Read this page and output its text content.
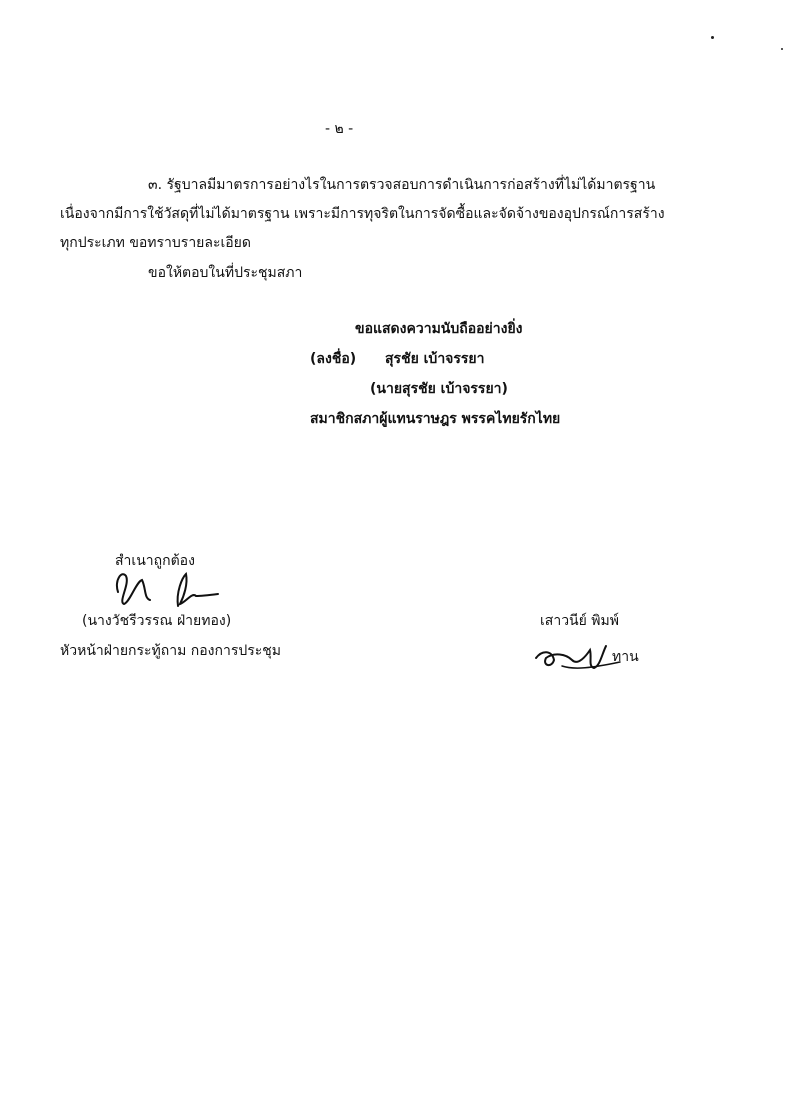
- ๒ -
๓. รัฐบาลมีมาตรการอย่างไรในการตรวจสอบการดำเนินการก่อสร้างที่ไม่ได้มาตรฐาน
เนื่องจากมีการใช้วัสดุที่ไม่ได้มาตรฐาน เพราะมีการทุจริตในการจัดซื้อและจัดจ้างของอุปกรณ์การสร้าง
ทุกประเภท ขอทราบรายละเอียด
ขอให้ตอบในที่ประชุมสภา
ขอแสดงความนับถืออย่างยิ่ง
(ลงชื่อ) สุรชัย เบ้าจรรยา
(นายสุรชัย เบ้าจรรยา)
สมาชิกสภาผู้แทนราษฎร พรรคไทยรักไทย
สำเนาถูกต้อง
(นางวัชรีวรรณ ฝ่ายทอง)
หัวหน้าฝ่ายกระทู้ถาม กองการประชุม
เสาวนีย์ พิมพ์
ทาน
